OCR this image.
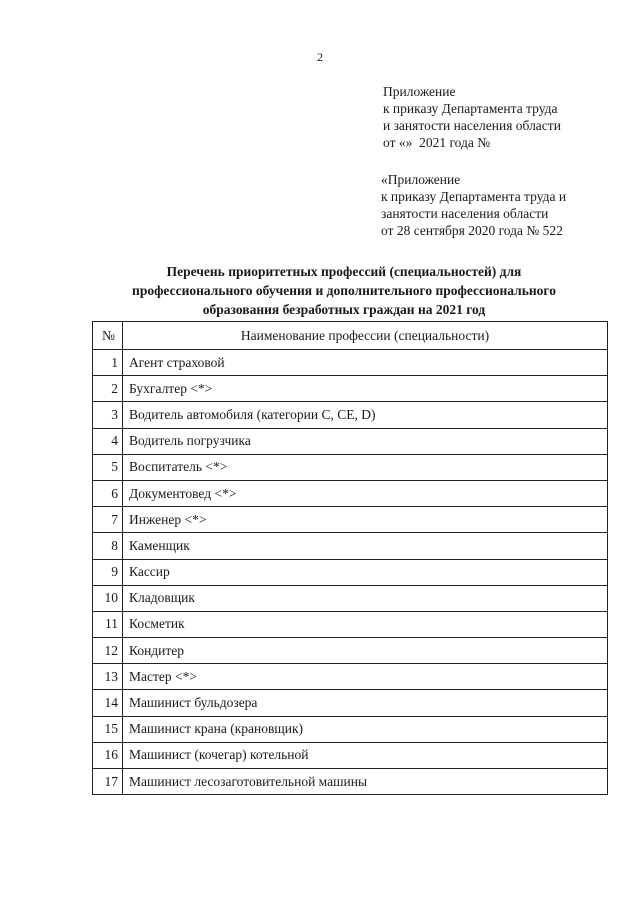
2
Приложение
к приказу Департамента труда
и занятости населения области
от «» 2021 года №
«Приложение
к приказу Департамента труда и
занятости населения области
от 28 сентября 2020 года № 522
Перечень приоритетных профессий (специальностей) для
профессионального обучения и дополнительного профессионального
образования безработных граждан на 2021 год
№	Наименование профессии (специальности)
1	Агент страховой
2	Бухгалтер <*>
3	Водитель автомобиля (категории С, СЕ, D)
4	Водитель погрузчика
5	Воспитатель <*>
6	Документовед <*>
7	Инженер <*>
8	Каменщик
9	Кассир
10	Кладовщик
11	Косметик
12	Кондитер
13	Мастер <*>
14	Машинист бульдозера
15	Машинист крана (крановщик)
16	Машинист (кочегар) котельной
17	Машинист лесозаготовительной машины
